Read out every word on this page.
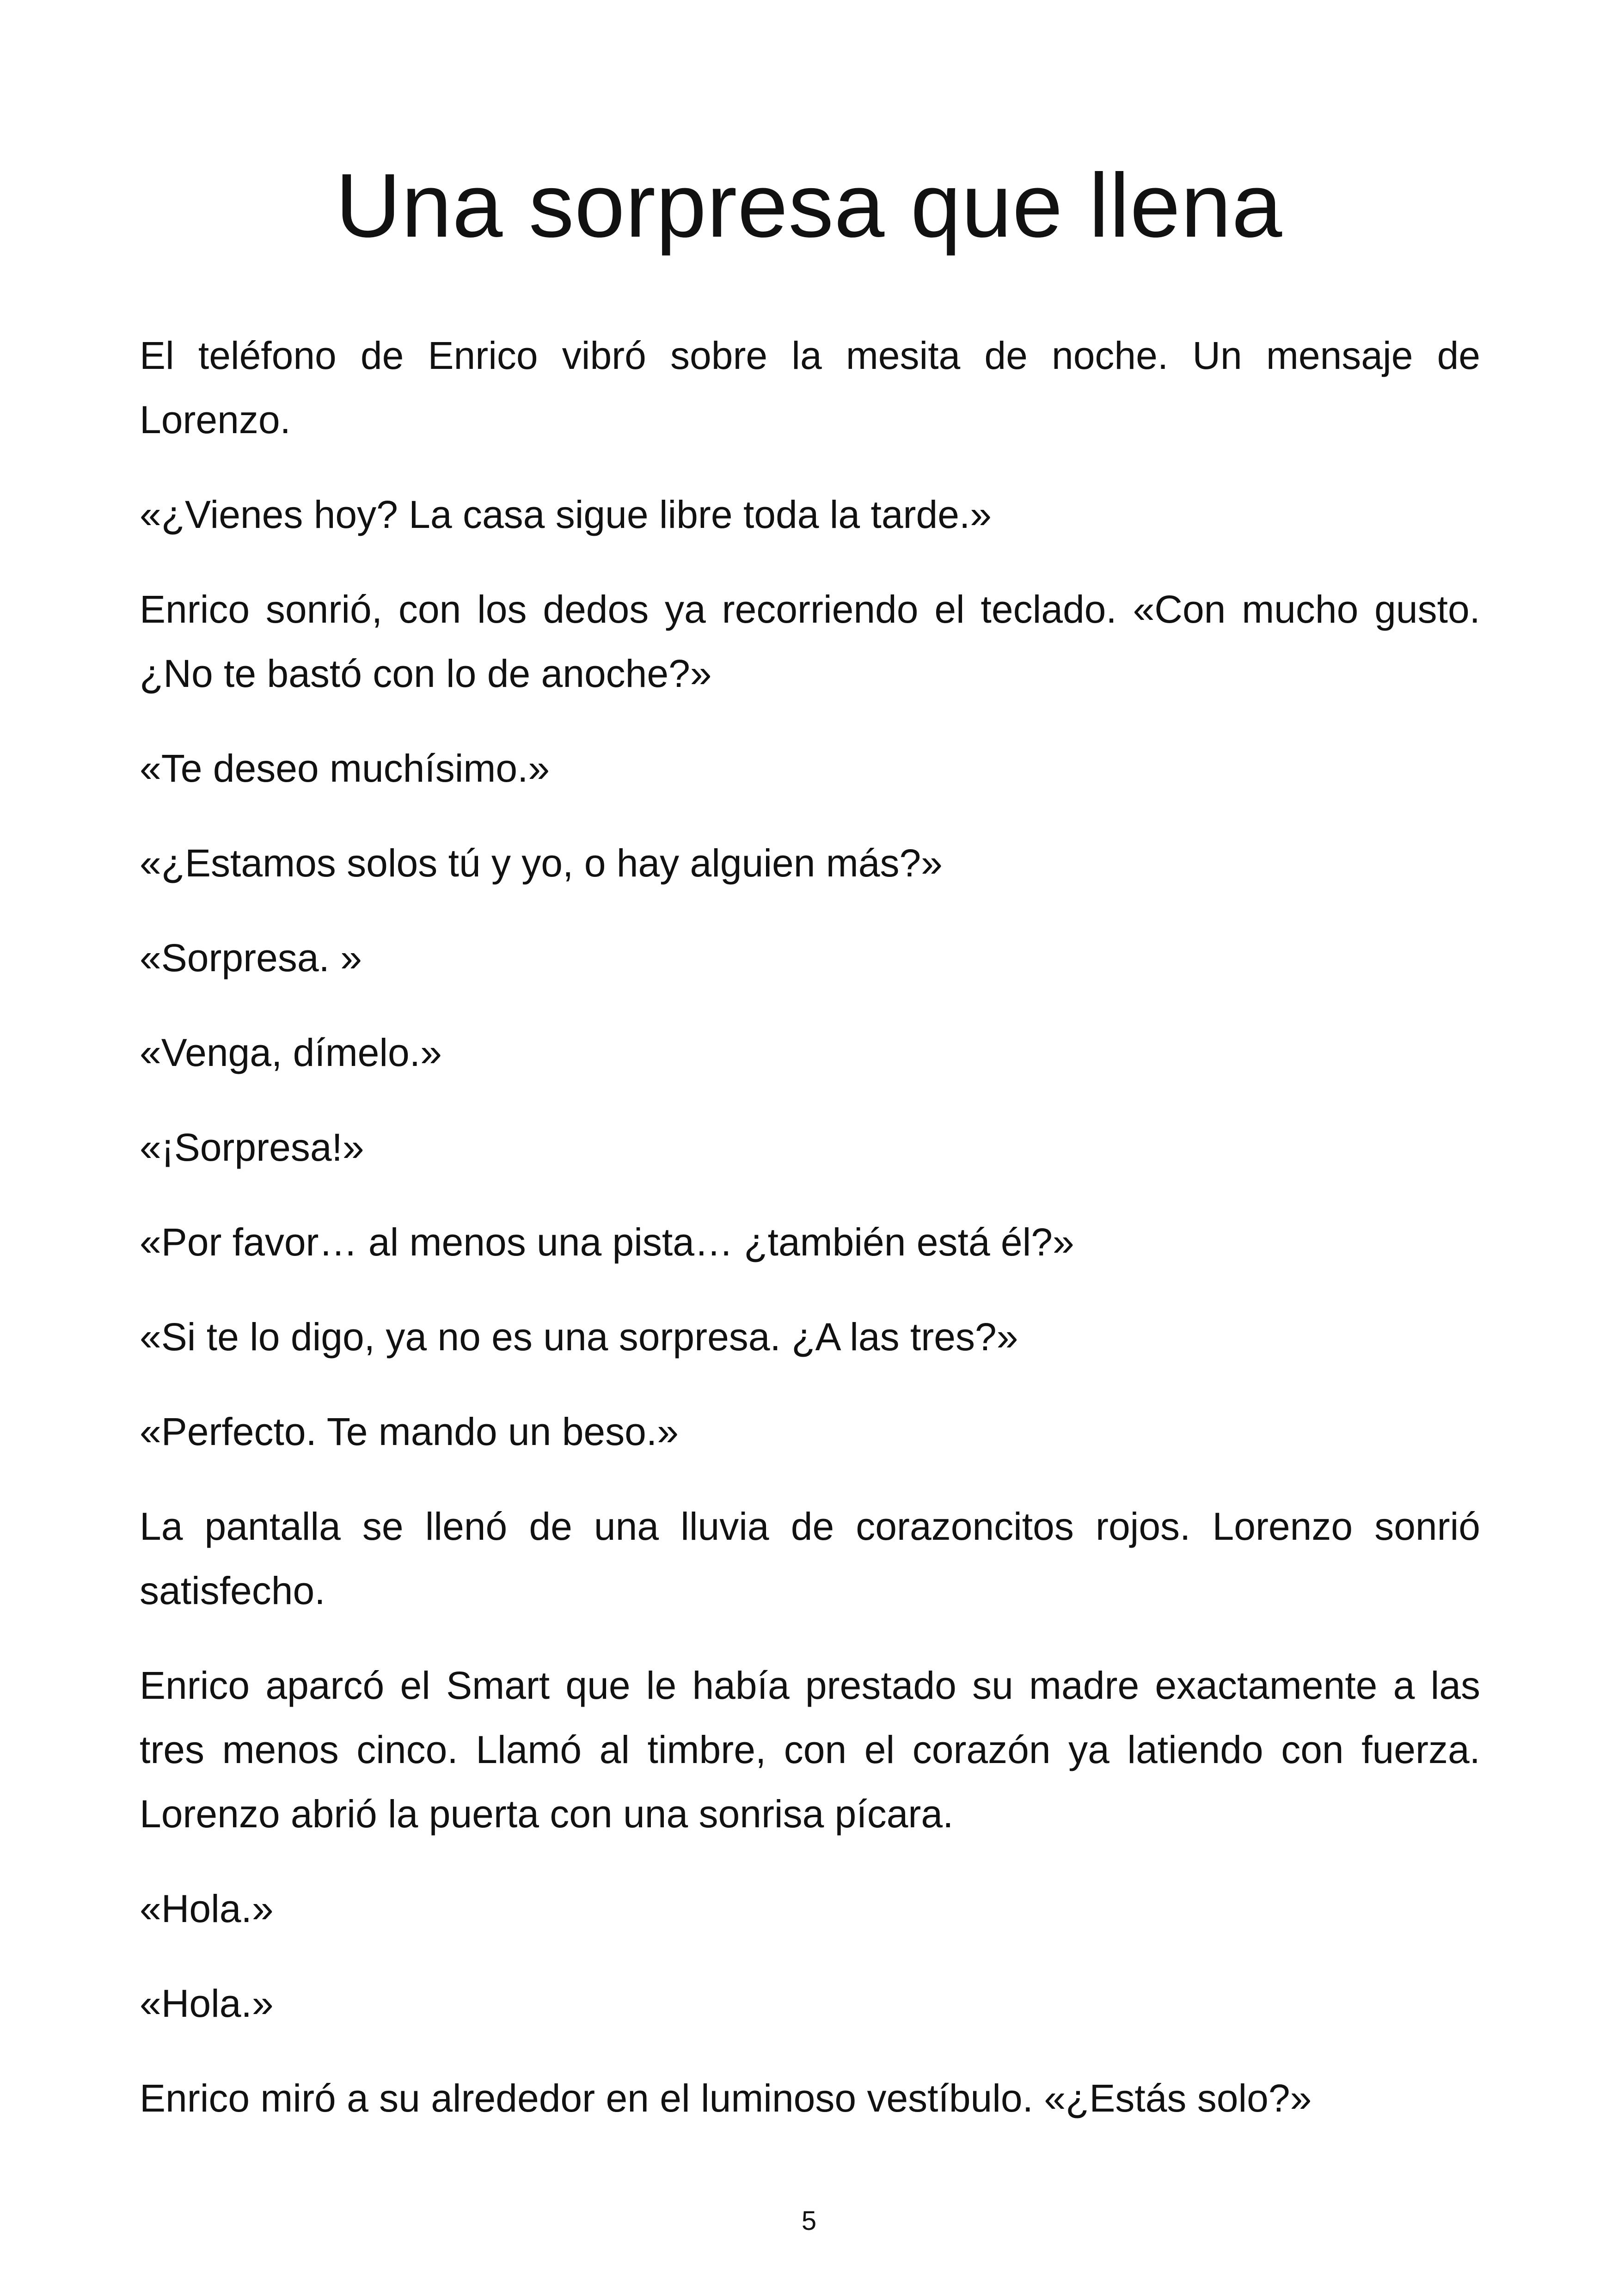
Una sorpresa que llena

El teléfono de Enrico vibró sobre la mesita de noche. Un mensaje de Lorenzo.

«¿Vienes hoy? La casa sigue libre toda la tarde.»

Enrico sonrió, con los dedos ya recorriendo el teclado. «Con mucho gusto. ¿No te bastó con lo de anoche?»

«Te deseo muchísimo.»

«¿Estamos solos tú y yo, o hay alguien más?»

«Sorpresa. »

«Venga, dímelo.»

«¡Sorpresa!»

«Por favor… al menos una pista… ¿también está él?»

«Si te lo digo, ya no es una sorpresa. ¿A las tres?»

«Perfecto. Te mando un beso.»

La pantalla se llenó de una lluvia de corazoncitos rojos. Lorenzo sonrió satisfecho.

Enrico aparcó el Smart que le había prestado su madre exactamente a las tres menos cinco. Llamó al timbre, con el corazón ya latiendo con fuerza. Lorenzo abrió la puerta con una sonrisa pícara.

«Hola.»

«Hola.»

Enrico miró a su alrededor en el luminoso vestíbulo. «¿Estás solo?»

5
